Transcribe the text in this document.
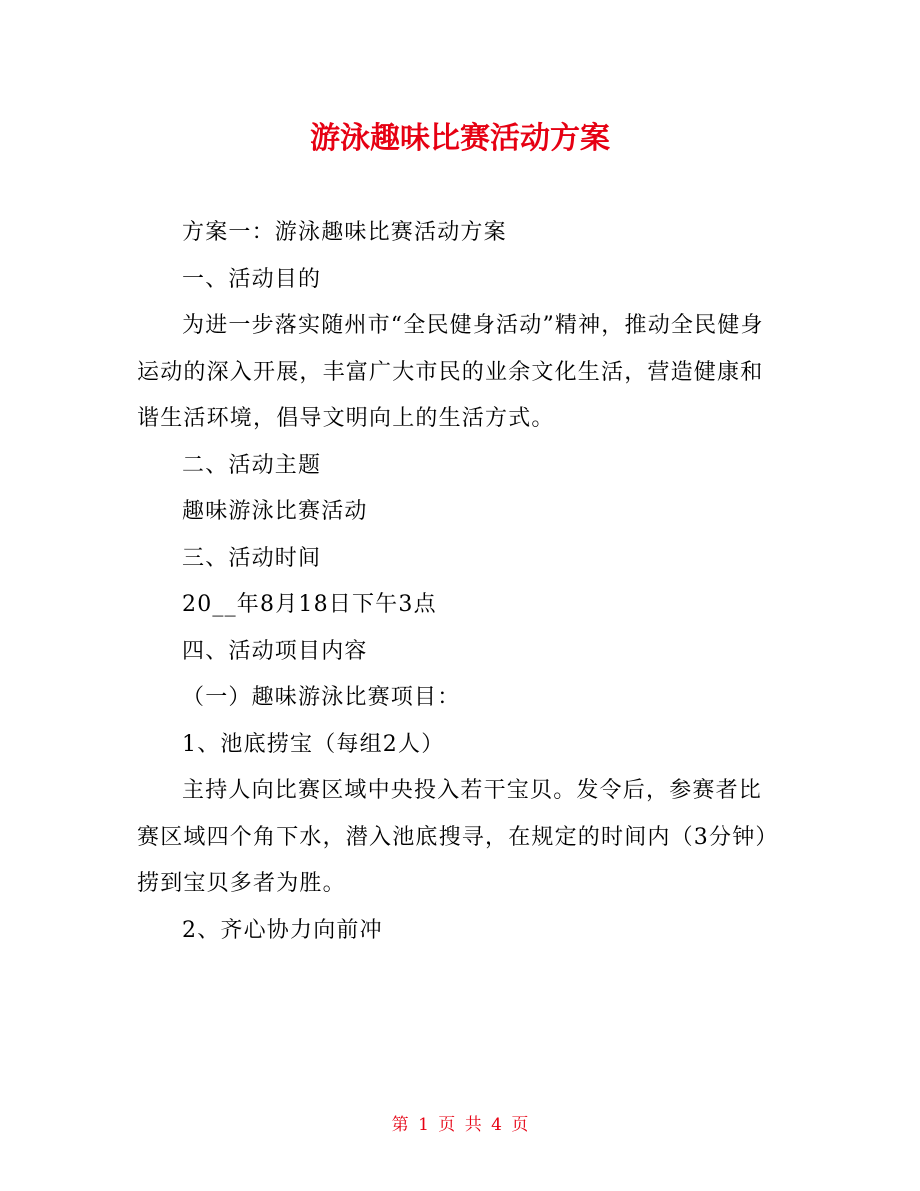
游泳趣味比赛活动方案

方案一：游泳趣味比赛活动方案

一、活动目的

为进一步落实随州市“全民健身活动”精神，推动全民健身运动的深入开展，丰富广大市民的业余文化生活，营造健康和谐生活环境，倡导文明向上的生活方式。

二、活动主题

趣味游泳比赛活动

三、活动时间

20__年8月18日下午3点

四、活动项目内容

（一）趣味游泳比赛项目：

1、池底捞宝（每组2人）

主持人向比赛区域中央投入若干宝贝。发令后，参赛者比赛区域四个角下水，潜入池底搜寻，在规定的时间内（3分钟）捞到宝贝多者为胜。

2、齐心协力向前冲

第 1 页 共 4 页
